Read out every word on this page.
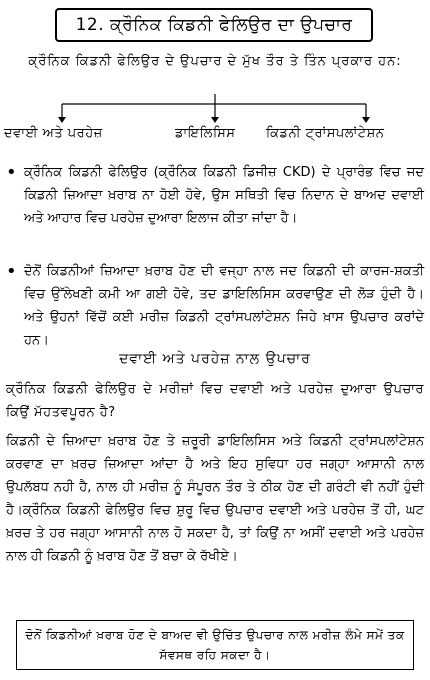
12. ਕ੍ਰੌਨਿਕ ਕਿਡਨੀ ਫੇਲਿਉਰ ਦਾ ਉਪਚਾਰ
ਕ੍ਰੌਨਿਕ ਕਿਡਨੀ ਫੇਲਿਉਰ ਦੇ ਉਪਚਾਰ ਦੇ ਮੁੱਖ ਤੌਰ ਤੇ ਤਿੰਨ ਪ੍ਰਕਾਰ ਹਨ:
ਦਵਾਈ ਅਤੇ ਪਰਹੇਜ਼	ਡਾਇਲਿਸਿਸ ਕਿਡਨੀ ਟ੍ਰਾਂਸਪਲਾਂਟੇਸ਼ਨ
• ਕ੍ਰੌਨਿਕ ਕਿਡਨੀ ਫੇਲਿਉਰ (ਕ੍ਰੌਨਿਕ ਕਿਡਨੀ ਡਿਜੀਜ਼ CKD) ਦੇ ਪ੍ਰਾਰੰਭ ਵਿਚ ਜਦ ਕਿਡਨੀ ਜ਼ਿਆਦਾ ਖ਼ਰਾਬ ਨਾ ਹੋਈ ਹੋਵੇ, ਉਸ ਸਥਿਤੀ ਵਿਚ ਨਿਦਾਨ ਦੇ ਬਾਅਦ ਦਵਾਈ ਅਤੇ ਆਹਾਰ ਵਿਚ ਪਰਹੇਜ਼ ਦੁਆਰਾ ਇਲਾਜ ਕੀਤਾ ਜਾਂਦਾ ਹੈ।
• ਦੋਨੋਂ ਕਿਡਨੀਆਂ ਜ਼ਿਆਦਾ ਖ਼ਰਾਬ ਹੋਣ ਦੀ ਵਜ੍ਹਾ ਨਾਲ ਜਦ ਕਿਡਨੀ ਦੀ ਕਾਰਜ-ਸ਼ਕਤੀ ਵਿਚ ਉੱਲੇਖਣੀ ਕਮੀ ਆ ਗਈ ਹੋਵੇ, ਤਦ ਡਾਇਲਿਸਿਸ ਕਰਵਾਉਣ ਦੀ ਲੋੜ ਹੁੰਦੀ ਹੈ। ਅਤੇ ਉਹਨਾਂ ਵਿੱਚੋਂ ਕਈ ਮਰੀਜ਼ ਕਿਡਨੀ ਟ੍ਰਾਂਸਪਲਾਂਟੇਸ਼ਨ ਜਿਹੇ ਖ਼ਾਸ ਉਪਚਾਰ ਕਰਾਂਦੇ ਹਨ।
ਦਵਾਈ ਅਤੇ ਪਰਹੇਜ਼ ਨਾਲ ਉਪਚਾਰ
ਕ੍ਰੌਨਿਕ ਕਿਡਨੀ ਫੇਲਿਉਰ ਦੇ ਮਰੀਜ਼ਾਂ ਵਿਚ ਦਵਾਈ ਅਤੇ ਪਰਹੇਜ਼ ਦੁਆਰਾ ਉਪਚਾਰ ਕਿਉਂ ਮੱਹਤਵਪੂਰਨ ਹੈ?
ਕਿਡਨੀ ਦੇ ਜ਼ਿਆਦਾ ਖ਼ਰਾਬ ਹੋਣ ਤੇ ਜ਼ਰੂਰੀ ਡਾਇਲਿਸਿਸ ਅਤੇ ਕਿਡਨੀ ਟ੍ਰਾਂਸਪਲਾਂਟੇਸ਼ਨ ਕਰਵਾਣ ਦਾ ਖ਼ਰਚ ਜ਼ਿਆਦਾ ਆਂਦਾ ਹੈ ਅਤੇ ਇਹ ਸੁਵਿਧਾ ਹਰ ਜਗ੍ਹਾ ਆਸਾਨੀ ਨਾਲ ਉਪਲੱਬਧ ਨਹੀ ਹੈ, ਨਾਲ ਹੀ ਮਰੀਜ਼ ਨੂੰ ਸੰਪੂਰਨ ਤੌਰ ਤੇ ਠੀਕ ਹੋਣ ਦੀ ਗਰੰਟੀ ਵੀ ਨਹੀਂ ਹੁੰਦੀ ਹੈ।ਕ੍ਰੌਨਿਕ ਕਿਡਨੀ ਫੇਲਿਉਰ ਵਿਚ ਸ਼ੁਰੂ ਵਿਚ ਉਪਚਾਰ ਦਵਾਈ ਅਤੇ ਪਰਹੇਜ਼ ਤੋਂ ਹੀ, ਘਟ ਖ਼ਰਚ ਤੇ ਹਰ ਜਗ੍ਹਾ ਆਸਾਨੀ ਨਾਲ ਹੋ ਸਕਦਾ ਹੈ, ਤਾਂ ਕਿਉਂ ਨਾ ਅਸੀਂ ਦਵਾਈ ਅਤੇ ਪਰਹੇਜ਼ ਨਾਲ ਹੀ ਕਿਡਨੀ ਨੂੰ ਖ਼ਰਾਬ ਹੋਣ ਤੋਂ ਬਚਾ ਕੇ ਰੱਖੀਏ।
ਦੋਨੋਂ ਕਿਡਨੀਆਂ ਖ਼ਰਾਬ ਹੋਣ ਦੇ ਬਾਅਦ ਵੀ ਉਚਿੱਤ ਉਪਚਾਰ ਨਾਲ ਮਰੀਜ਼ ਲੰਮੇ ਸਮੇਂ ਤਕ ਸੱਵਸਥ ਰਹਿ ਸਕਦਾ ਹੈ।
